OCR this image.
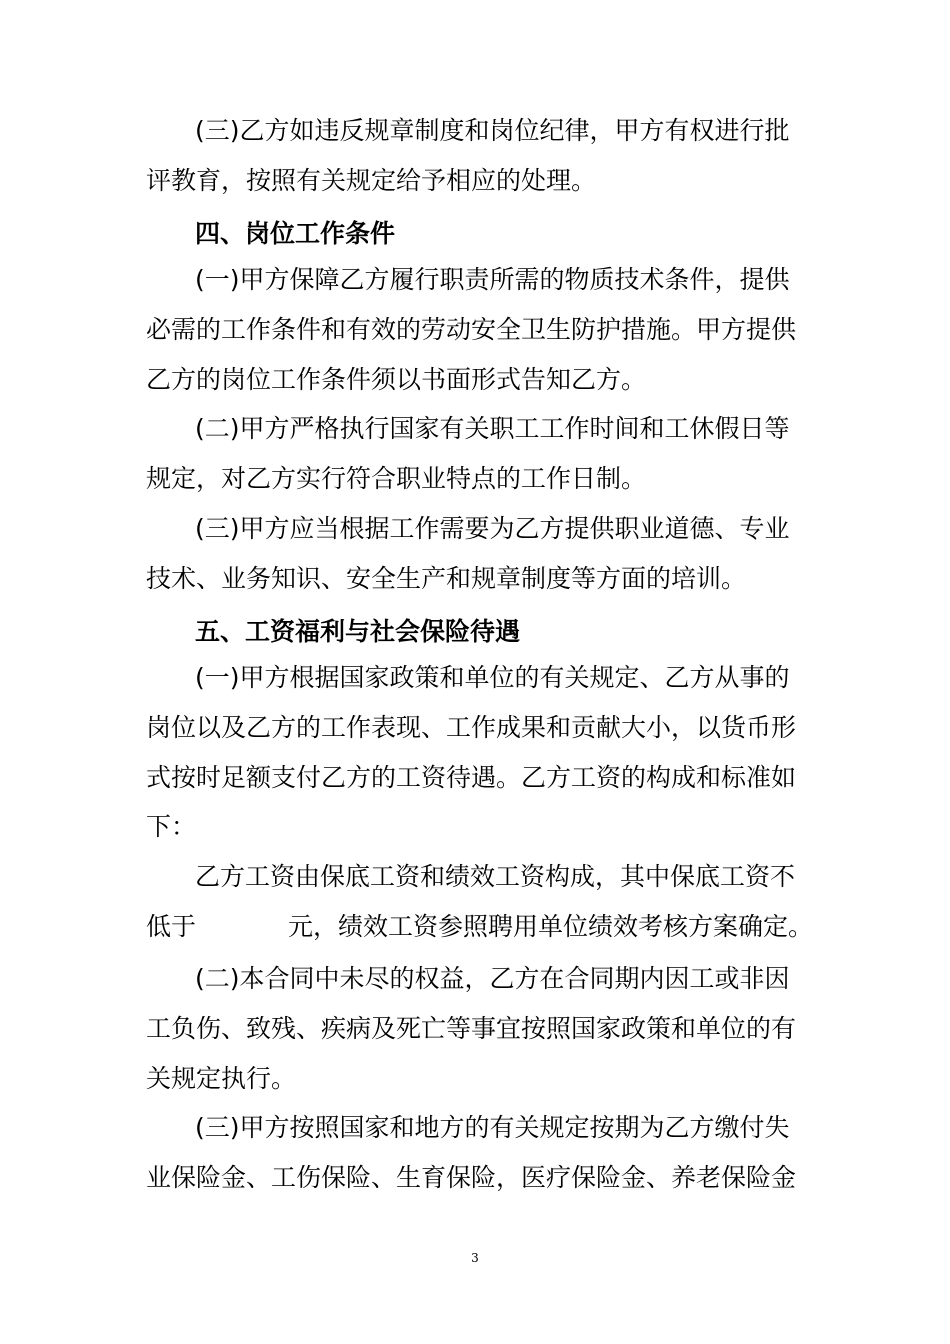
(三)乙方如违反规章制度和岗位纪律，甲方有权进行批
评教育，按照有关规定给予相应的处理。
四、岗位工作条件
(一)甲方保障乙方履行职责所需的物质技术条件，提供
必需的工作条件和有效的劳动安全卫生防护措施。甲方提供
乙方的岗位工作条件须以书面形式告知乙方。
(二)甲方严格执行国家有关职工工作时间和工休假日等
规定，对乙方实行符合职业特点的工作日制。
(三)甲方应当根据工作需要为乙方提供职业道德、专业
技术、业务知识、安全生产和规章制度等方面的培训。
五、工资福利与社会保险待遇
(一)甲方根据国家政策和单位的有关规定、乙方从事的
岗位以及乙方的工作表现、工作成果和贡献大小，以货币形
式按时足额支付乙方的工资待遇。乙方工资的构成和标准如
下：
乙方工资由保底工资和绩效工资构成，其中保底工资不
低于	元，绩效工资参照聘用单位绩效考核方案确定。
(二)本合同中未尽的权益，乙方在合同期内因工或非因
工负伤、致残、疾病及死亡等事宜按照国家政策和单位的有
关规定执行。
(三)甲方按照国家和地方的有关规定按期为乙方缴付失
业保险金、工伤保险、生育保险，医疗保险金、养老保险金
3
